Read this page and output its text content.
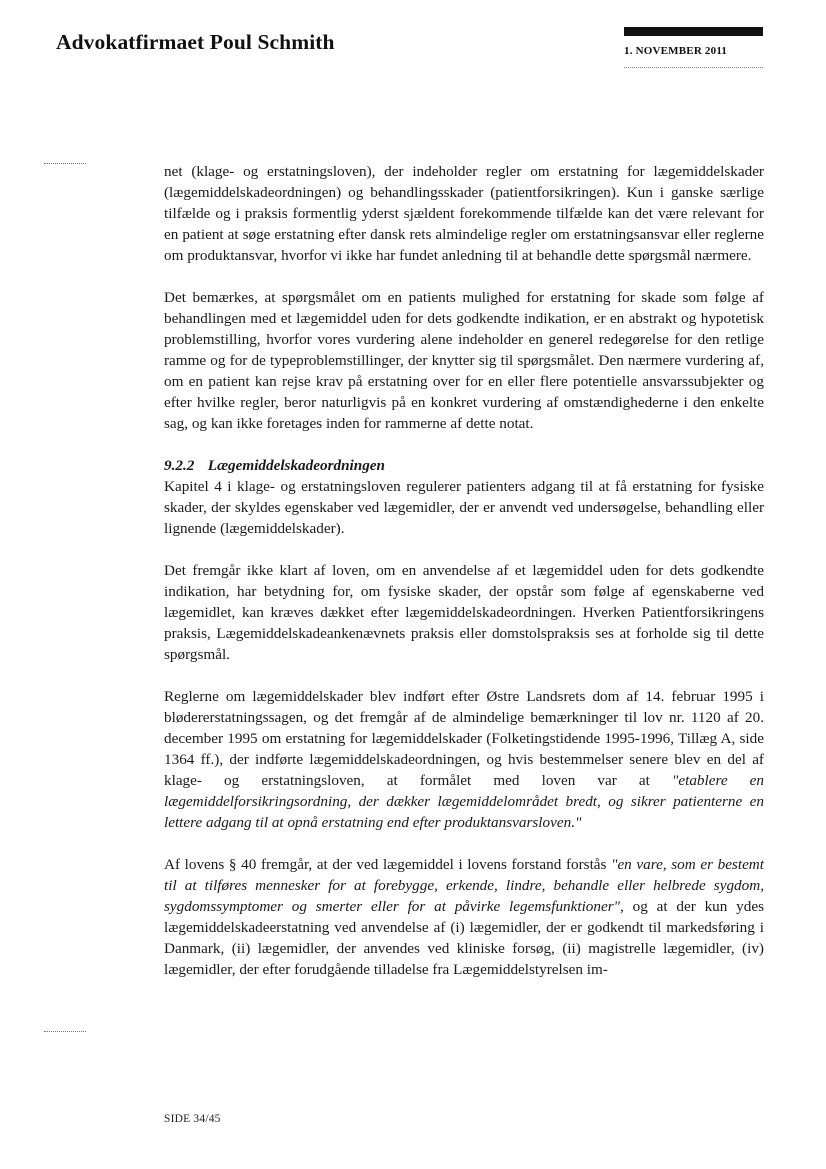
Advokatfirmaet Poul Schmith	1. NOVEMBER 2011

net (klage- og erstatningsloven), der indeholder regler om erstatning for lægemiddelskader (lægemiddelskadeordningen) og behandlingsskader (patientforsikringen). Kun i ganske særlige tilfælde og i praksis formentlig yderst sjældent forekommende tilfælde kan det være relevant for en patient at søge erstatning efter dansk rets almindelige regler om erstatningsansvar eller reglerne om produktansvar, hvorfor vi ikke har fundet anledning til at behandle dette spørgsmål nærmere.

Det bemærkes, at spørgsmålet om en patients mulighed for erstatning for skade som følge af behandlingen med et lægemiddel uden for dets godkendte indikation, er en abstrakt og hypotetisk problemstilling, hvorfor vores vurdering alene indeholder en generel redegørelse for den retlige ramme og for de typeproblemstillinger, der knytter sig til spørgsmålet. Den nærmere vurdering af, om en patient kan rejse krav på erstatning over for en eller flere potentielle ansvarssubjekter og efter hvilke regler, beror naturligvis på en konkret vurdering af omstændighederne i den enkelte sag, og kan ikke foretages inden for rammerne af dette notat.

9.2.2 Lægemiddelskadeordningen

Kapitel 4 i klage- og erstatningsloven regulerer patienters adgang til at få erstatning for fysiske skader, der skyldes egenskaber ved lægemidler, der er anvendt ved undersøgelse, behandling eller lignende (lægemiddelskader).

Det fremgår ikke klart af loven, om en anvendelse af et lægemiddel uden for dets godkendte indikation, har betydning for, om fysiske skader, der opstår som følge af egenskaberne ved lægemidlet, kan kræves dækket efter lægemiddelskadeordningen. Hverken Patientforsikringens praksis, Lægemiddelskadeankenævnets praksis eller domstolspraksis ses at forholde sig til dette spørgsmål.

Reglerne om lægemiddelskader blev indført efter Østre Landsrets dom af 14. februar 1995 i blødererstatningssagen, og det fremgår af de almindelige bemærkninger til lov nr. 1120 af 20. december 1995 om erstatning for lægemiddelskader (Folketingstidende 1995-1996, Tillæg A, side 1364 ff.), der indførte lægemiddelskadeordningen, og hvis bestemmelser senere blev en del af klage- og erstatningsloven, at formålet med loven var at "etablere en lægemiddelforsikringsordning, der dækker lægemiddelområdet bredt, og sikrer patienterne en lettere adgang til at opnå erstatning end efter produktansvarsloven."

Af lovens § 40 fremgår, at der ved lægemiddel i lovens forstand forstås "en vare, som er bestemt til at tilføres mennesker for at forebygge, erkende, lindre, behandle eller helbrede sygdom, sygdomssymptomer og smerter eller for at påvirke legemsfunktioner", og at der kun ydes lægemiddelskadeerstatning ved anvendelse af (i) lægemidler, der er godkendt til markedsføring i Danmark, (ii) lægemidler, der anvendes ved kliniske forsøg, (ii) magistrelle lægemidler, (iv) lægemidler, der efter forudgående tilladelse fra Lægemiddelstyrelsen im-

SIDE 34/45
